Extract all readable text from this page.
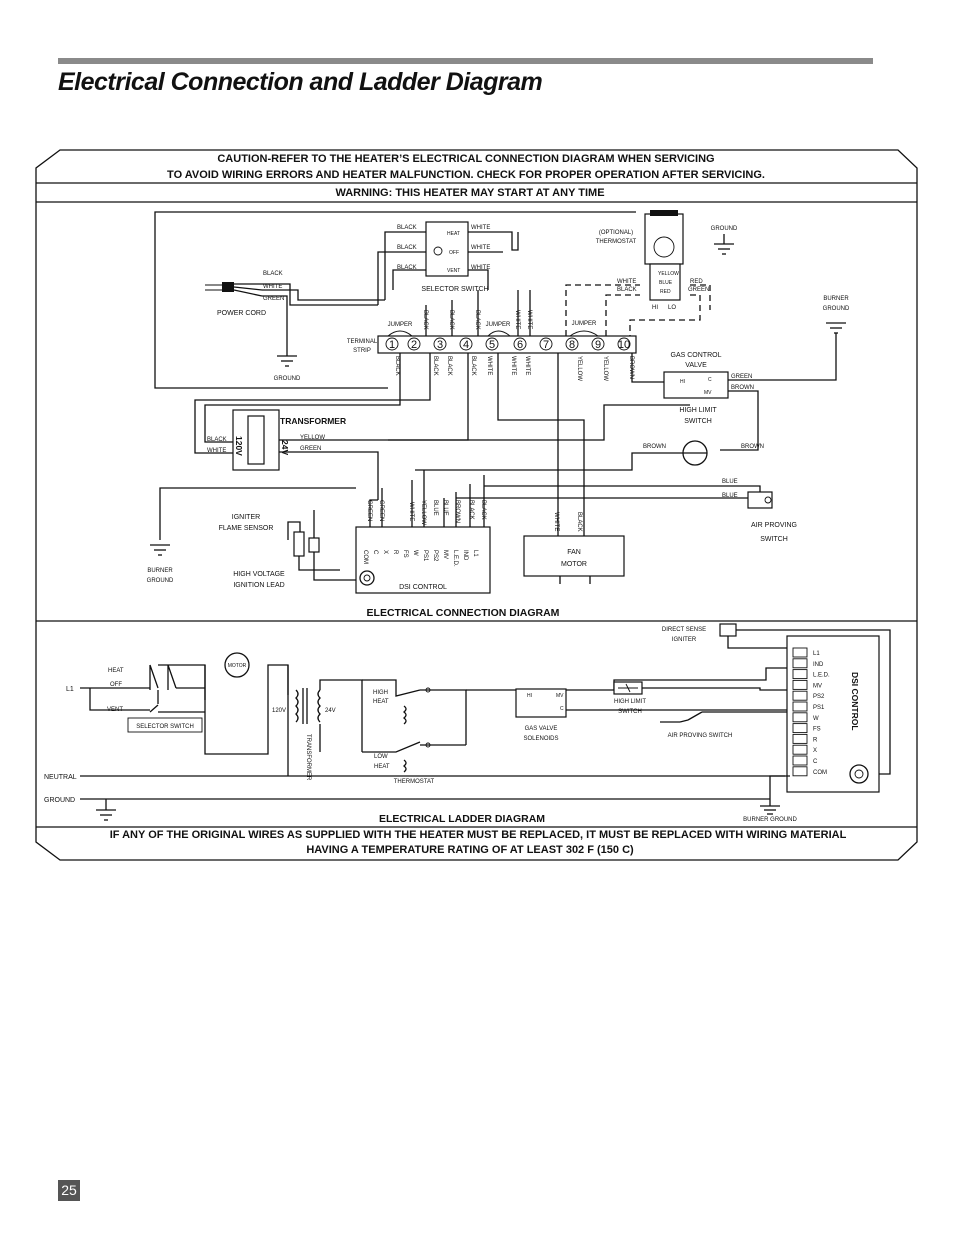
Electrical Connection and Ladder Diagram
CAUTION-REFER TO THE HEATER’S ELECTRICAL CONNECTION DIAGRAM WHEN SERVICING
TO AVOID WIRING ERRORS AND HEATER MALFUNCTION. CHECK FOR PROPER OPERATION AFTER SERVICING.
WARNING: THIS HEATER MAY START AT ANY TIME
HEAT
OFF
VENT
BLACK
BLACK
BLACK
WHITE
WHITE
WHITE
SELECTOR SWITCH
BLACK
WHITE
GREEN
POWER CORD
GROUND
TERMINAL
STRIP 1 2 3 4 5 6 7 8 9 10
JUMPER	JUMPER	JUMPER
BLACK	BLACK	BLACK	WHITE WHITE
BLACK	BLACK BLACK	BLACK WHITE	WHITE WHITE	YELLOW	YELLOW	BROWN
(OPTIONAL)
THERMOSTAT
YELLOW
BLUE
RED
HI LO
WHITE
BLACK
RED
GREEN
GROUND
BURNER
GROUND
GAS CONTROL
VALVE
HI	C
MV
GREEN
BROWN
HIGH LIMIT
SWITCH
BROWN	BROWN
TRANSFORMER
120V	24V
BLACK
WHITE
YELLOW
GREEN
BURNER
GROUND
IGNITER
FLAME SENSOR
HIGH VOLTAGE
IGNITION LEAD
COM C X R FS W PS1 PS2 MV L.E.D. IND L1
DSI CONTROL
GREEN GREEN	WHITE YELLOW BLUE BLUE BROWN BLACK BLACK
FAN
MOTOR
WHITE	BLACK
BLUE
BLUE
AIR PROVING
SWITCH
ELECTRICAL CONNECTION DIAGRAM
L1
NEUTRAL
GROUND
HEAT
OFF
VENT
SELECTOR SWITCH
MOTOR
120V	24V
TRANSFORMER
HIGH
HEAT
LOW
HEAT
THERMOSTAT
HI	MV
C
GAS VALVE
SOLENOIDS
HIGH LIMIT
SWITCH
AIR PROVING SWITCH
DIRECT SENSE
IGNITER
L1
IND
L.E.D.
MV
PS2
PS1
W
FS
R
X
C
COM
DSI CONTROL
BURNER GROUND
ELECTRICAL LADDER DIAGRAM
IF ANY OF THE ORIGINAL WIRES AS SUPPLIED WITH THE HEATER MUST BE REPLACED, IT MUST BE REPLACED WITH WIRING MATERIAL
HAVING A TEMPERATURE RATING OF AT LEAST 302 F (150 C)
25
